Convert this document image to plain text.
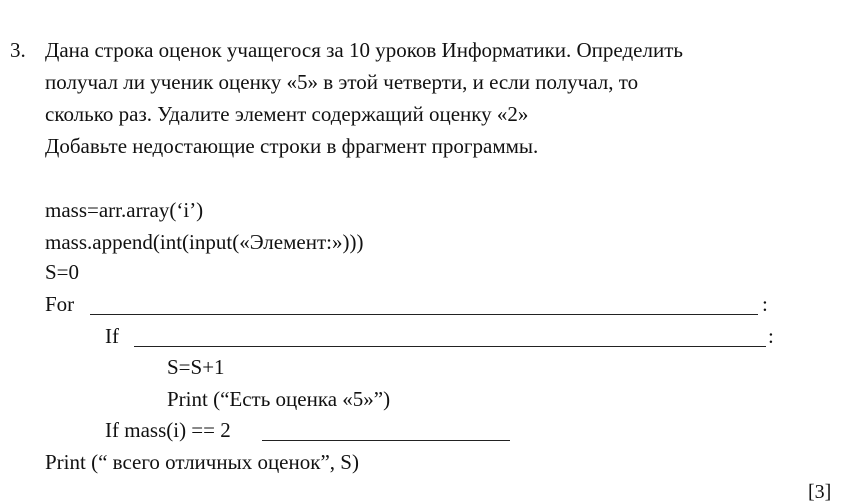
3. Дана строка оценок учащегося за 10 уроков Информатики. Определить
получал ли ученик оценку «5» в этой четверти, и если получал, то
сколько раз. Удалите элемент содержащий оценку «2»
Добавьте недостающие строки в фрагмент программы.
mass=arr.array(‘i’)
mass.append(int(input(«Элемент:»)))
S=0
For	:
If	:
S=S+1
Print (“Есть оценка «5»”)
If mass(i) == 2
Print (“ всего отличных оценок”, S)
[3]
